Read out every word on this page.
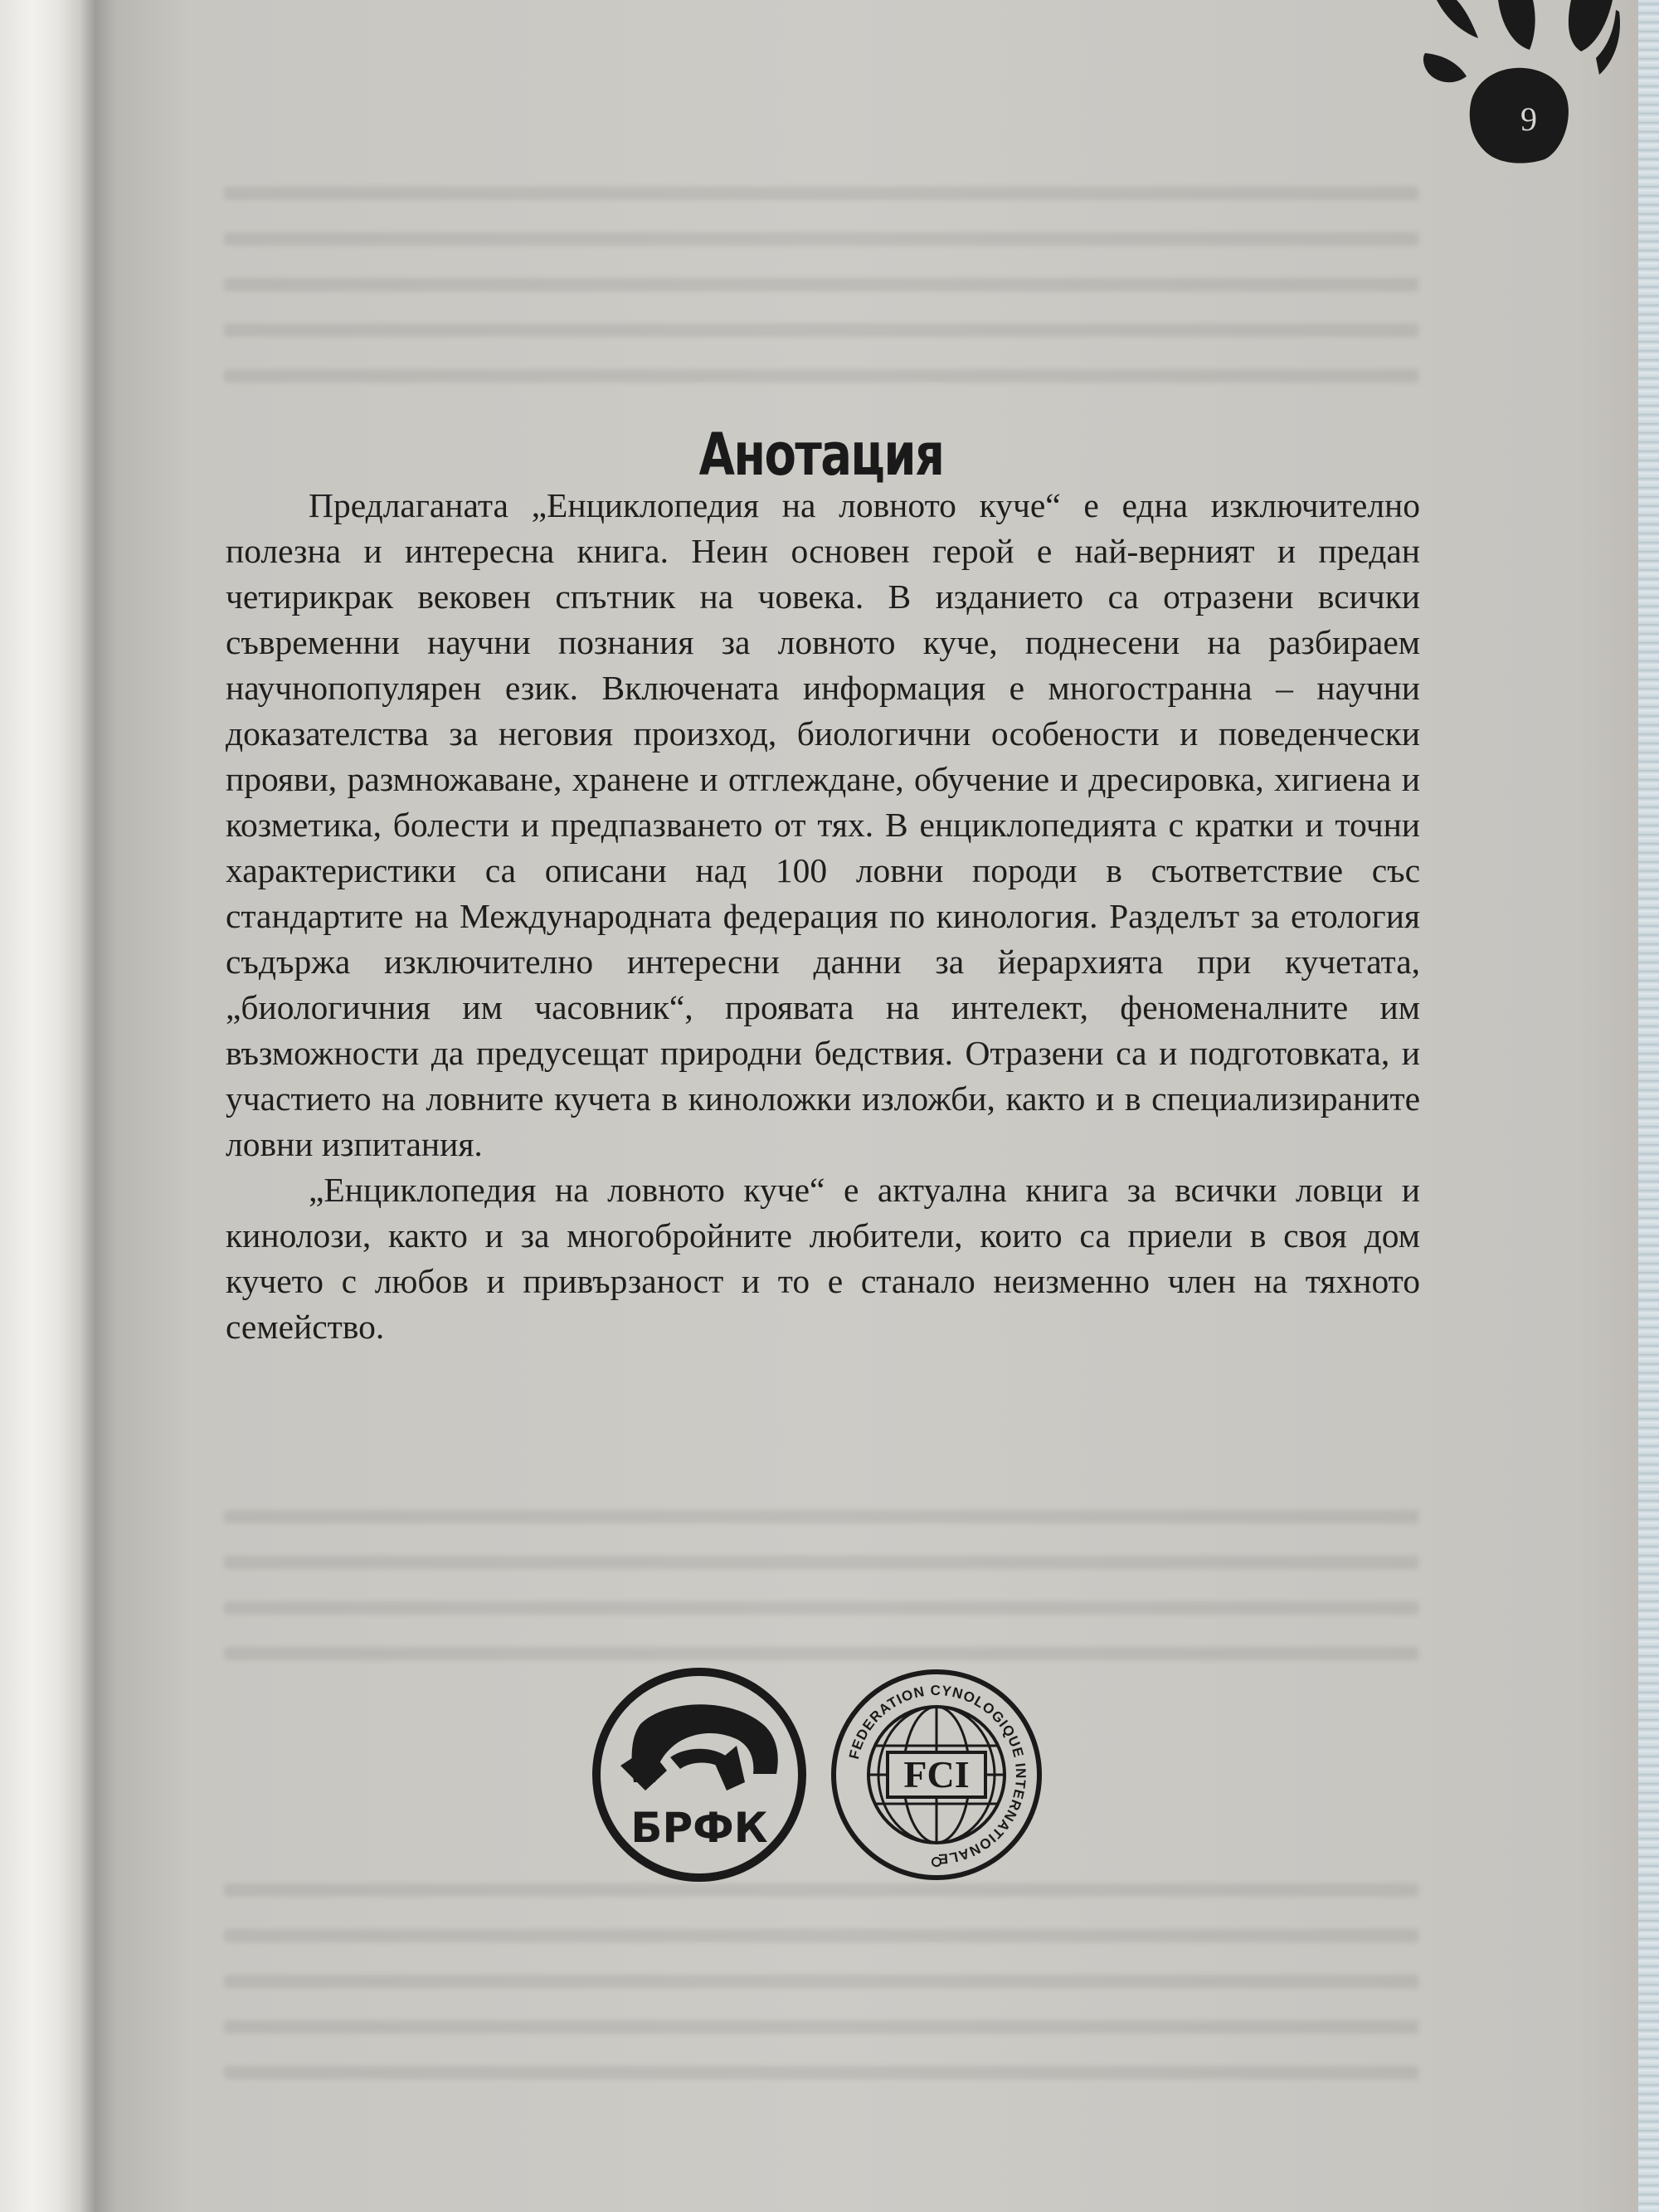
9
Анотация

Предлаганата „Енциклопедия на ловното куче“ е една изключително полезна и интересна книга. Неин основен герой е най-верният и предан четирикрак вековен спътник на човека. В изданието са отразени всички съвременни научни познания за ловното куче, поднесени на разбираем научнопопулярен език. Включената информация е многостранна – научни доказателства за неговия произход, биологични особености и поведенчески прояви, размножаване, хранене и отглеждане, обучение и дресировка, хигиена и козметика, болести и предпазването от тях. В енциклопедията с кратки и точни характеристики са описани над 100 ловни породи в съответствие със стандартите на Международната федерация по кинология. Разделът за етология съдържа изключително интересни данни за йерархията при кучетата, „биологичния им часовник“, проявата на интелект, феноменалните им възможности да предусещат природни бедствия. Отразени са и подготовката, и участието на ловните кучета в кинoложки изложби, както и в специализираните ловни изпитания.

„Енциклопедия на ловното куче“ е актуална книга за всички ловци и кинолози, както и за многобройните любители, които са приели в своя дом кучето с любов и привързаност и то е станало неизменно член на тяхното семейство.

БРФК
FCI
FEDERATION CYNOLOGIQUE INTERNATIONALE
